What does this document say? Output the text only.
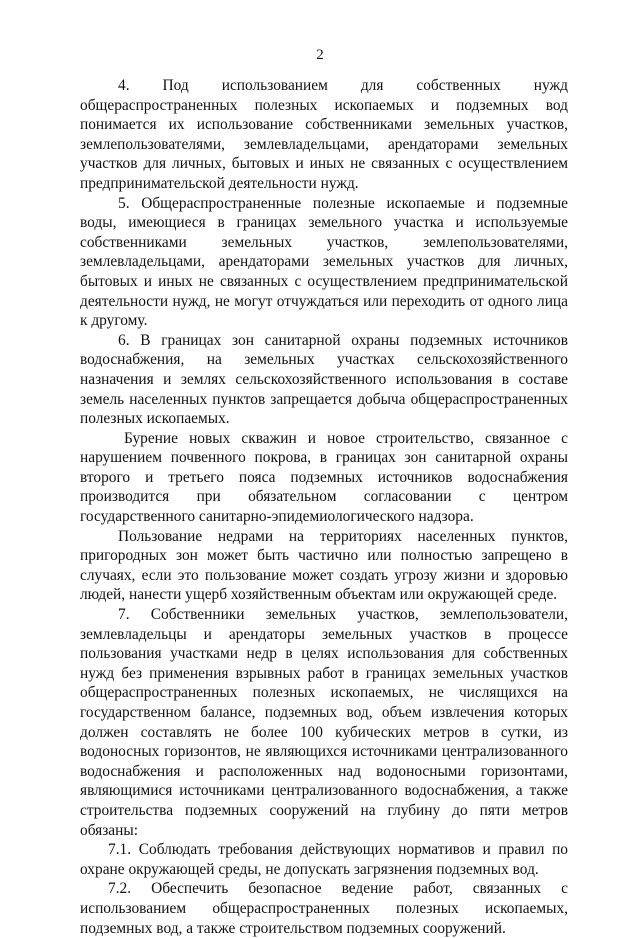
2

4. Под использованием для собственных нужд общераспространенных полезных ископаемых и подземных вод понимается их использование собственниками земельных участков, землепользователями, землевладельцами, арендаторами земельных участков для личных, бытовых и иных не связанных с осуществлением предпринимательской деятельности нужд.

5. Общераспространенные полезные ископаемые и подземные воды, имеющиеся в границах земельного участка и используемые собственниками земельных участков, землепользователями, землевладельцами, арендаторами земельных участков для личных, бытовых и иных не связанных с осуществлением предпринимательской деятельности нужд, не могут отчуждаться или переходить от одного лица к другому.

6. В границах зон санитарной охраны подземных источников водоснабжения, на земельных участках сельскохозяйственного назначения и землях сельскохозяйственного использования в составе земель населенных пунктов запрещается добыча общераспространенных полезных ископаемых.

Бурение новых скважин и новое строительство, связанное с нарушением почвенного покрова, в границах зон санитарной охраны второго и третьего пояса подземных источников водоснабжения производится при обязательном согласовании с центром государственного санитарно-эпидемиологического надзора.

Пользование недрами на территориях населенных пунктов, пригородных зон может быть частично или полностью запрещено в случаях, если это пользование может создать угрозу жизни и здоровью людей, нанести ущерб хозяйственным объектам или окружающей среде.

7. Собственники земельных участков, землепользователи, землевладельцы и арендаторы земельных участков в процессе пользования участками недр в целях использования для собственных нужд без применения взрывных работ в границах земельных участков общераспространенных полезных ископаемых, не числящихся на государственном балансе, подземных вод, объем извлечения которых должен составлять не более 100 кубических метров в сутки, из водоносных горизонтов, не являющихся источниками централизованного водоснабжения и расположенных над водоносными горизонтами, являющимися источниками централизованного водоснабжения, а также строительства подземных сооружений на глубину до пяти метров обязаны:

7.1. Соблюдать требования действующих нормативов и правил по охране окружающей среды, не допускать загрязнения подземных вод.

7.2. Обеспечить безопасное ведение работ, связанных с использованием общераспространенных полезных ископаемых, подземных вод, а также строительством подземных сооружений.
